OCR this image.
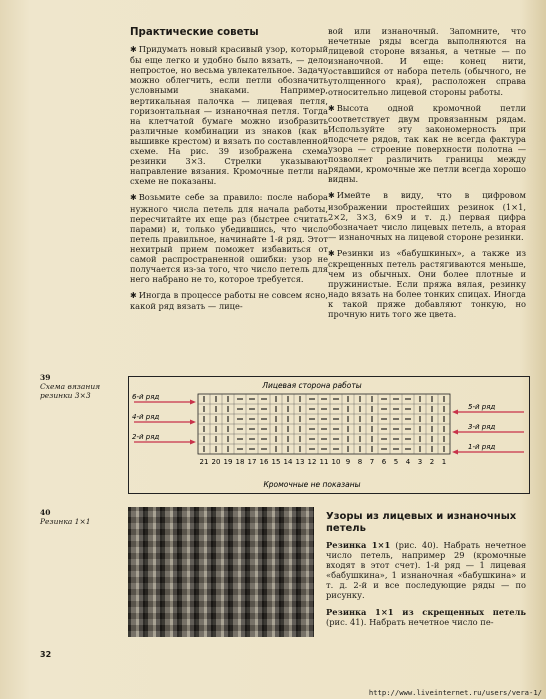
Практические советы

✱ Придумать новый красивый узор, который бы еще легко и удобно было вязать, — дело непростое, но весьма увлекательное. Задачу можно облегчить, если петли обозначить условными знаками. Например, вертикальная палочка — лицевая петля, горизонтальная — изнаночная петля. Тогда на клетчатой бумаге можно изобразить различные комбинации из знаков (как в вышивке крестом) и вязать по составленной схеме. На рис. 39 изображена схема резинки 3×3. Стрелки указывают направление вязания. Кромочные петли на схеме не показаны.

✱ Возьмите себе за правило: после набора нужного числа петель для начала работы, пересчитайте их еще раз (быстрее считать парами) и, только убедившись, что число петель правильное, начинайте 1-й ряд. Этот нехитрый прием поможет избавиться от самой распространенной ошибки: узор не получается из-за того, что число петель для него набрано не то, которое требуется.

✱ Иногда в процессе работы не совсем ясно, какой ряд вязать — лице-

вой или изнаночный. Запомните, что нечетные ряды всегда выполняются на лицевой стороне вязанья, а четные — по изнаночной. И еще: конец нити, оставшийся от набора петель (обычного, не утолщенного края), расположен справа относительно лицевой стороны работы.

✱ Высота одной кромочной петли соответствует двум провязанным рядам. Используйте эту закономерность при подсчете рядов, так как не всегда фактура узора — строение поверхности полотна — позволяет различить границы между рядами, кромочные же петли всегда хорошо видны.

✱ Имейте в виду, что в цифровом изображении простейших резинок (1×1, 2×2, 3×3, 6×9 и т. д.) первая цифра обозначает число лицевых петель, а вторая — изнаночных на лицевой стороне резинки.

✱ Резинки из «бабушкиных», а также из скрещенных петель растягиваются меньше, чем из обычных. Они более плотные и пружинистые. Если пряжа вялая, резинку надо вязать на более тонких спицах. Иногда к такой пряже добавляют тонкую, но прочную нить того же цвета.

39
Схема вязания резинки 3×3
Лицевая сторона работы
Кромочные не показаны
21 20 19 18 17 16 15 14 13 12 11 10 9 8 7 6 5 4 3 2 1
6-й ряд
4-й ряд
2-й ряд
5-й ряд
3-й ряд
1-й ряд
40
Резинка 1×1	Узоры из лицевых и изнаночных петель

Резинка 1×1 (рис. 40). Набрать нечетное число петель, например 29 (кромочные входят в этот счет). 1-й ряд — 1 лицевая «бабушкина», 1 изнаночная «бабушкина» и т. д. 2-й и все последующие ряды — по рисунку.

Резинка 1×1 из скрещенных петель (рис. 41). Набрать нечетное число пе-

32
http://www.liveinternet.ru/users/vera-1/
